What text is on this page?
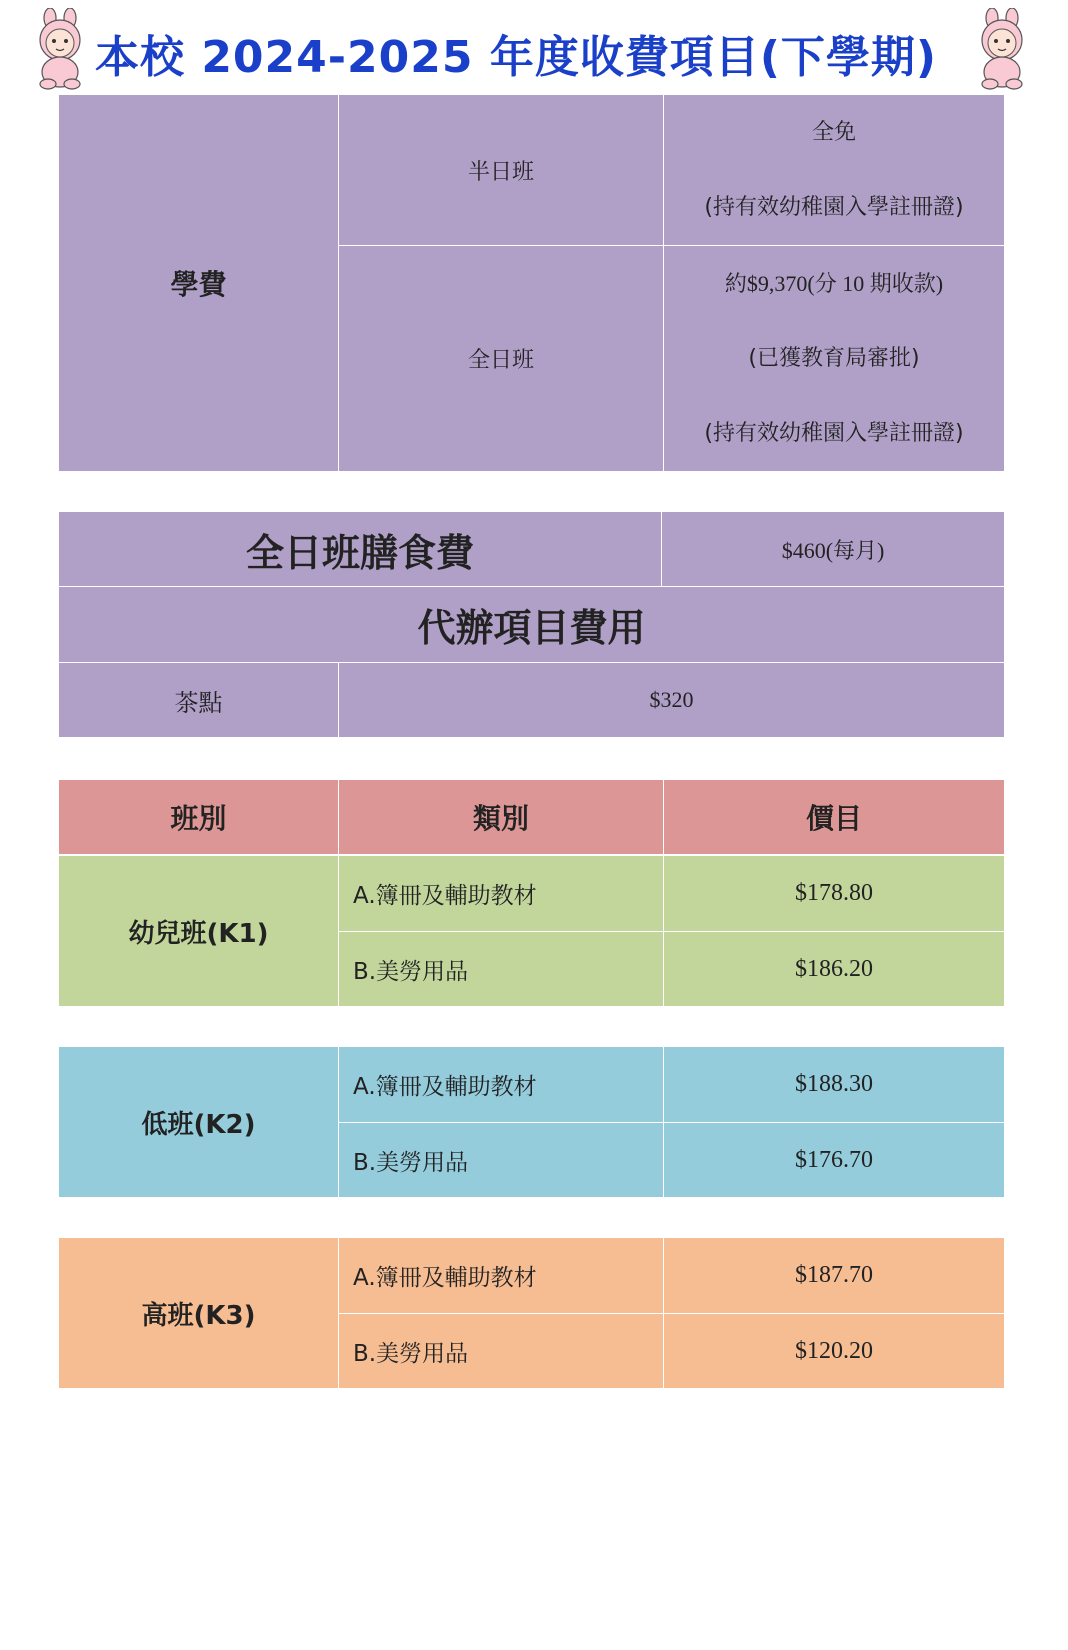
本校 2024-2025 年度收費項目(下學期)
學費	半日班	全免
(持有效幼稚園入學註冊證)

	全日班	約$9,370(分 10 期收款)
(已獲教育局審批)
(持有效幼稚園入學註冊證)
全日班膳食費		$460(每月)
代辦項目費用		
茶點	$320	
班別	類別	價目
幼兒班(K1)	A.簿冊及輔助教材	$178.80
	B.美勞用品	$186.20
低班(K2)	A.簿冊及輔助教材	$188.30
	B.美勞用品	$176.70
高班(K3)	A.簿冊及輔助教材	$187.70
	B.美勞用品	$120.20
